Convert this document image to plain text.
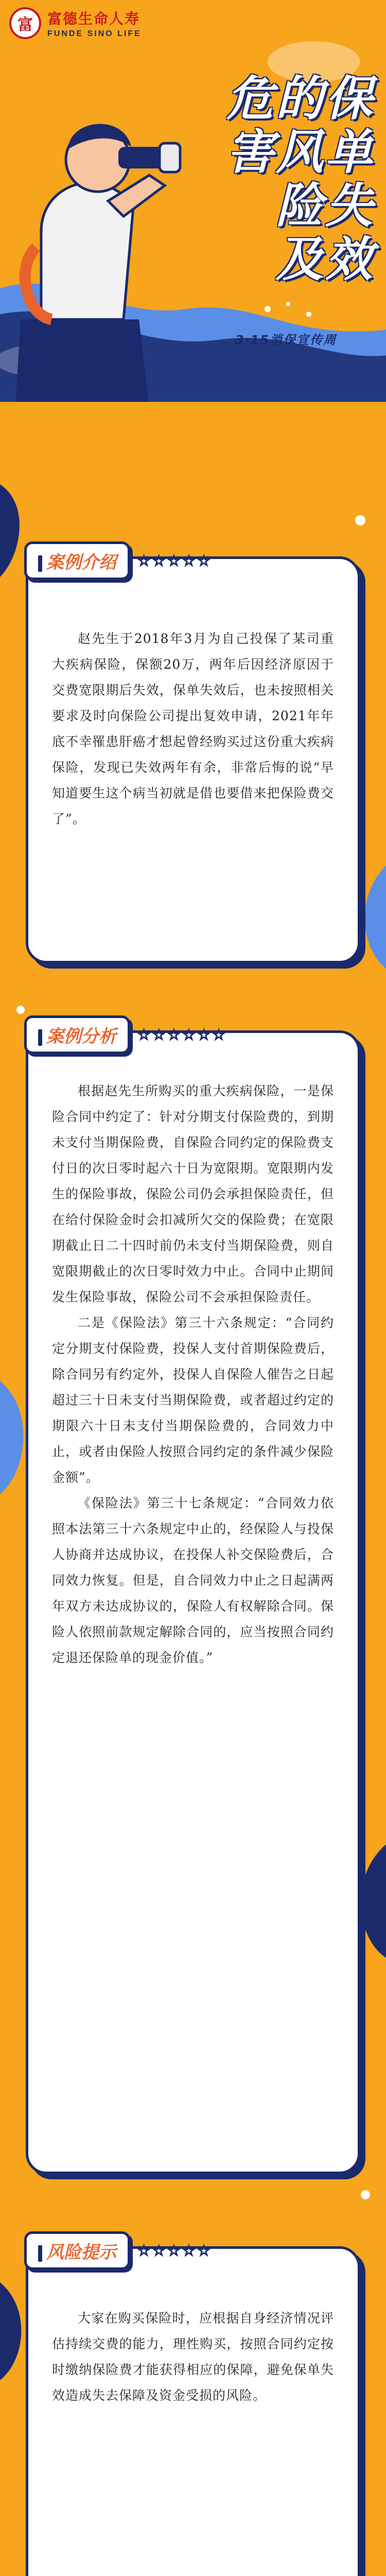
富	富德生命人寿
FUNDE SINO LIFE
危的保
害风单
险失
及效
3·15消保宣传周
案例介绍	☆ ☆ ☆ ☆ ☆

赵先生于2018年3月为自己投保了某司重大疾病保险，保额20万，两年后因经济原因于交费宽限期后失效，保单失效后，也未按照相关要求及时向保险公司提出复效申请，2021年年底不幸罹患肝癌才想起曾经购买过这份重大疾病保险，发现已失效两年有余，非常后悔的说“早知道要生这个病当初就是借也要借来把保险费交了”。

案例分析	☆ ☆ ☆ ☆ ☆ ☆

根据赵先生所购买的重大疾病保险，一是保险合同中约定了：针对分期支付保险费的，到期未支付当期保险费，自保险合同约定的保险费支付日的次日零时起六十日为宽限期。宽限期内发生的保险事故，保险公司仍会承担保险责任，但在给付保险金时会扣减所欠交的保险费；在宽限期截止日二十四时前仍未支付当期保险费，则自宽限期截止的次日零时效力中止。合同中止期间发生保险事故，保险公司不会承担保险责任。

二是《保险法》第三十六条规定：“合同约定分期支付保险费，投保人支付首期保险费后，除合同另有约定外，投保人自保险人催告之日起超过三十日未支付当期保险费，或者超过约定的期限六十日未支付当期保险费的，合同效力中止，或者由保险人按照合同约定的条件减少保险金额”。

《保险法》第三十七条规定：“合同效力依照本法第三十六条规定中止的，经保险人与投保人协商并达成协议，在投保人补交保险费后，合同效力恢复。但是，自合同效力中止之日起满两年双方未达成协议的，保险人有权解除合同。保险人依照前款规定解除合同的，应当按照合同约定退还保险单的现金价值。”

风险提示	☆ ☆ ☆ ☆ ☆

大家在购买保险时，应根据自身经济情况评估持续交费的能力，理性购买，按照合同约定按时缴纳保险费才能获得相应的保障，避免保单失效造成失去保障及资金受损的风险。
